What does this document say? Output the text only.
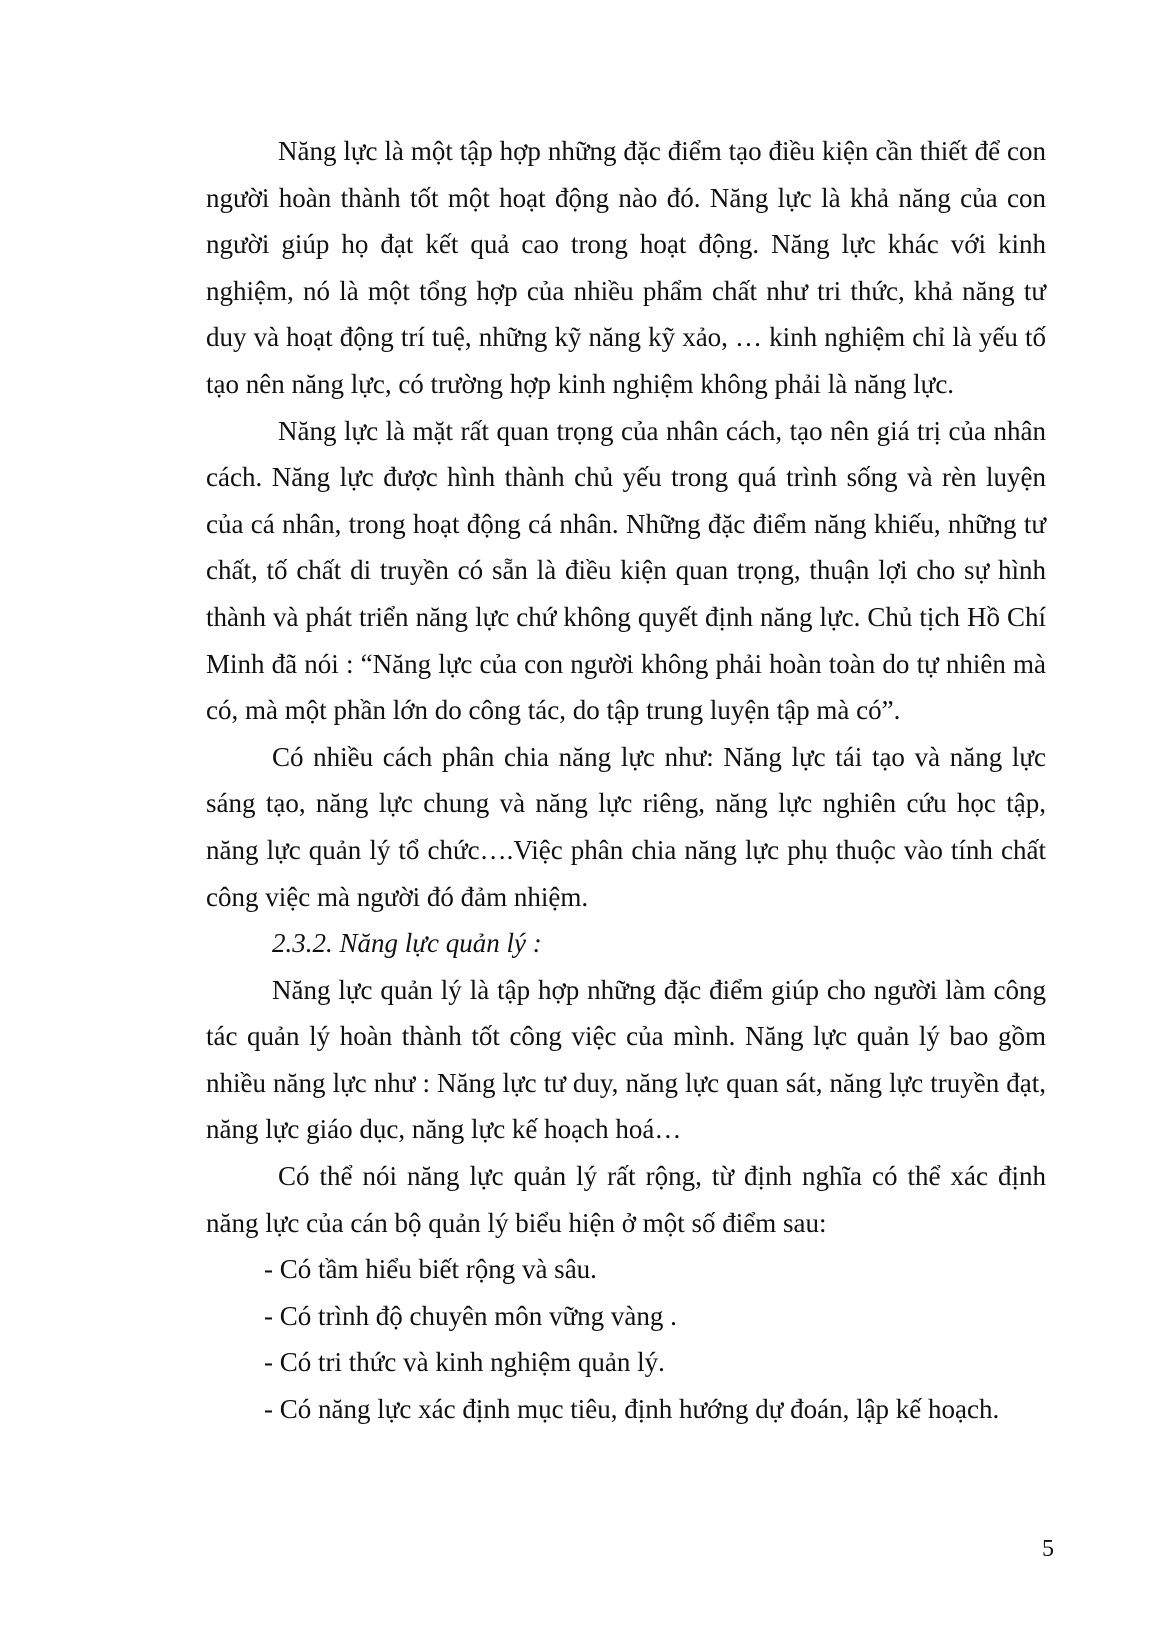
Năng lực là một tập hợp những đặc điểm tạo điều kiện cần thiết để con người hoàn thành tốt một hoạt động nào đó. Năng lực là khả năng của con người giúp họ đạt kết quả cao trong hoạt động. Năng lực khác với kinh nghiệm, nó là một tổng hợp của nhiều phẩm chất như tri thức, khả năng tư duy và hoạt động trí tuệ, những kỹ năng kỹ xảo, … kinh nghiệm chỉ là yếu tố tạo nên năng lực, có trường hợp kinh nghiệm không phải là năng lực.

Năng lực là mặt rất quan trọng của nhân cách, tạo nên giá trị của nhân cách. Năng lực được hình thành chủ yếu trong quá trình sống và rèn luyện của cá nhân, trong hoạt động cá nhân. Những đặc điểm năng khiếu, những tư chất, tố chất di truyền có sẵn là điều kiện quan trọng, thuận lợi cho sự hình thành và phát triển năng lực chứ không quyết định năng lực. Chủ tịch Hồ Chí Minh đã nói : “Năng lực của con người không phải hoàn toàn do tự nhiên mà có, mà một phần lớn do công tác, do tập trung luyện tập mà có”.

Có nhiều cách phân chia năng lực như: Năng lực tái tạo và năng lực sáng tạo, năng lực chung và năng lực riêng, năng lực nghiên cứu học tập, năng lực quản lý tổ chức….Việc phân chia năng lực phụ thuộc vào tính chất công việc mà người đó đảm nhiệm.

2.3.2. Năng lực quản lý :

Năng lực quản lý là tập hợp những đặc điểm giúp cho người làm công tác quản lý hoàn thành tốt công việc của mình. Năng lực quản lý bao gồm nhiều năng lực như : Năng lực tư duy, năng lực quan sát, năng lực truyền đạt, năng lực giáo dục, năng lực kế hoạch hoá…

Có thể nói năng lực quản lý rất rộng, từ định nghĩa có thể xác định năng lực của cán bộ quản lý biểu hiện ở một số điểm sau:

- Có tầm hiểu biết rộng và sâu.
- Có trình độ chuyên môn vững vàng .
- Có tri thức và kinh nghiệm quản lý.
- Có năng lực xác định mục tiêu, định hướng dự đoán, lập kế hoạch.
5
